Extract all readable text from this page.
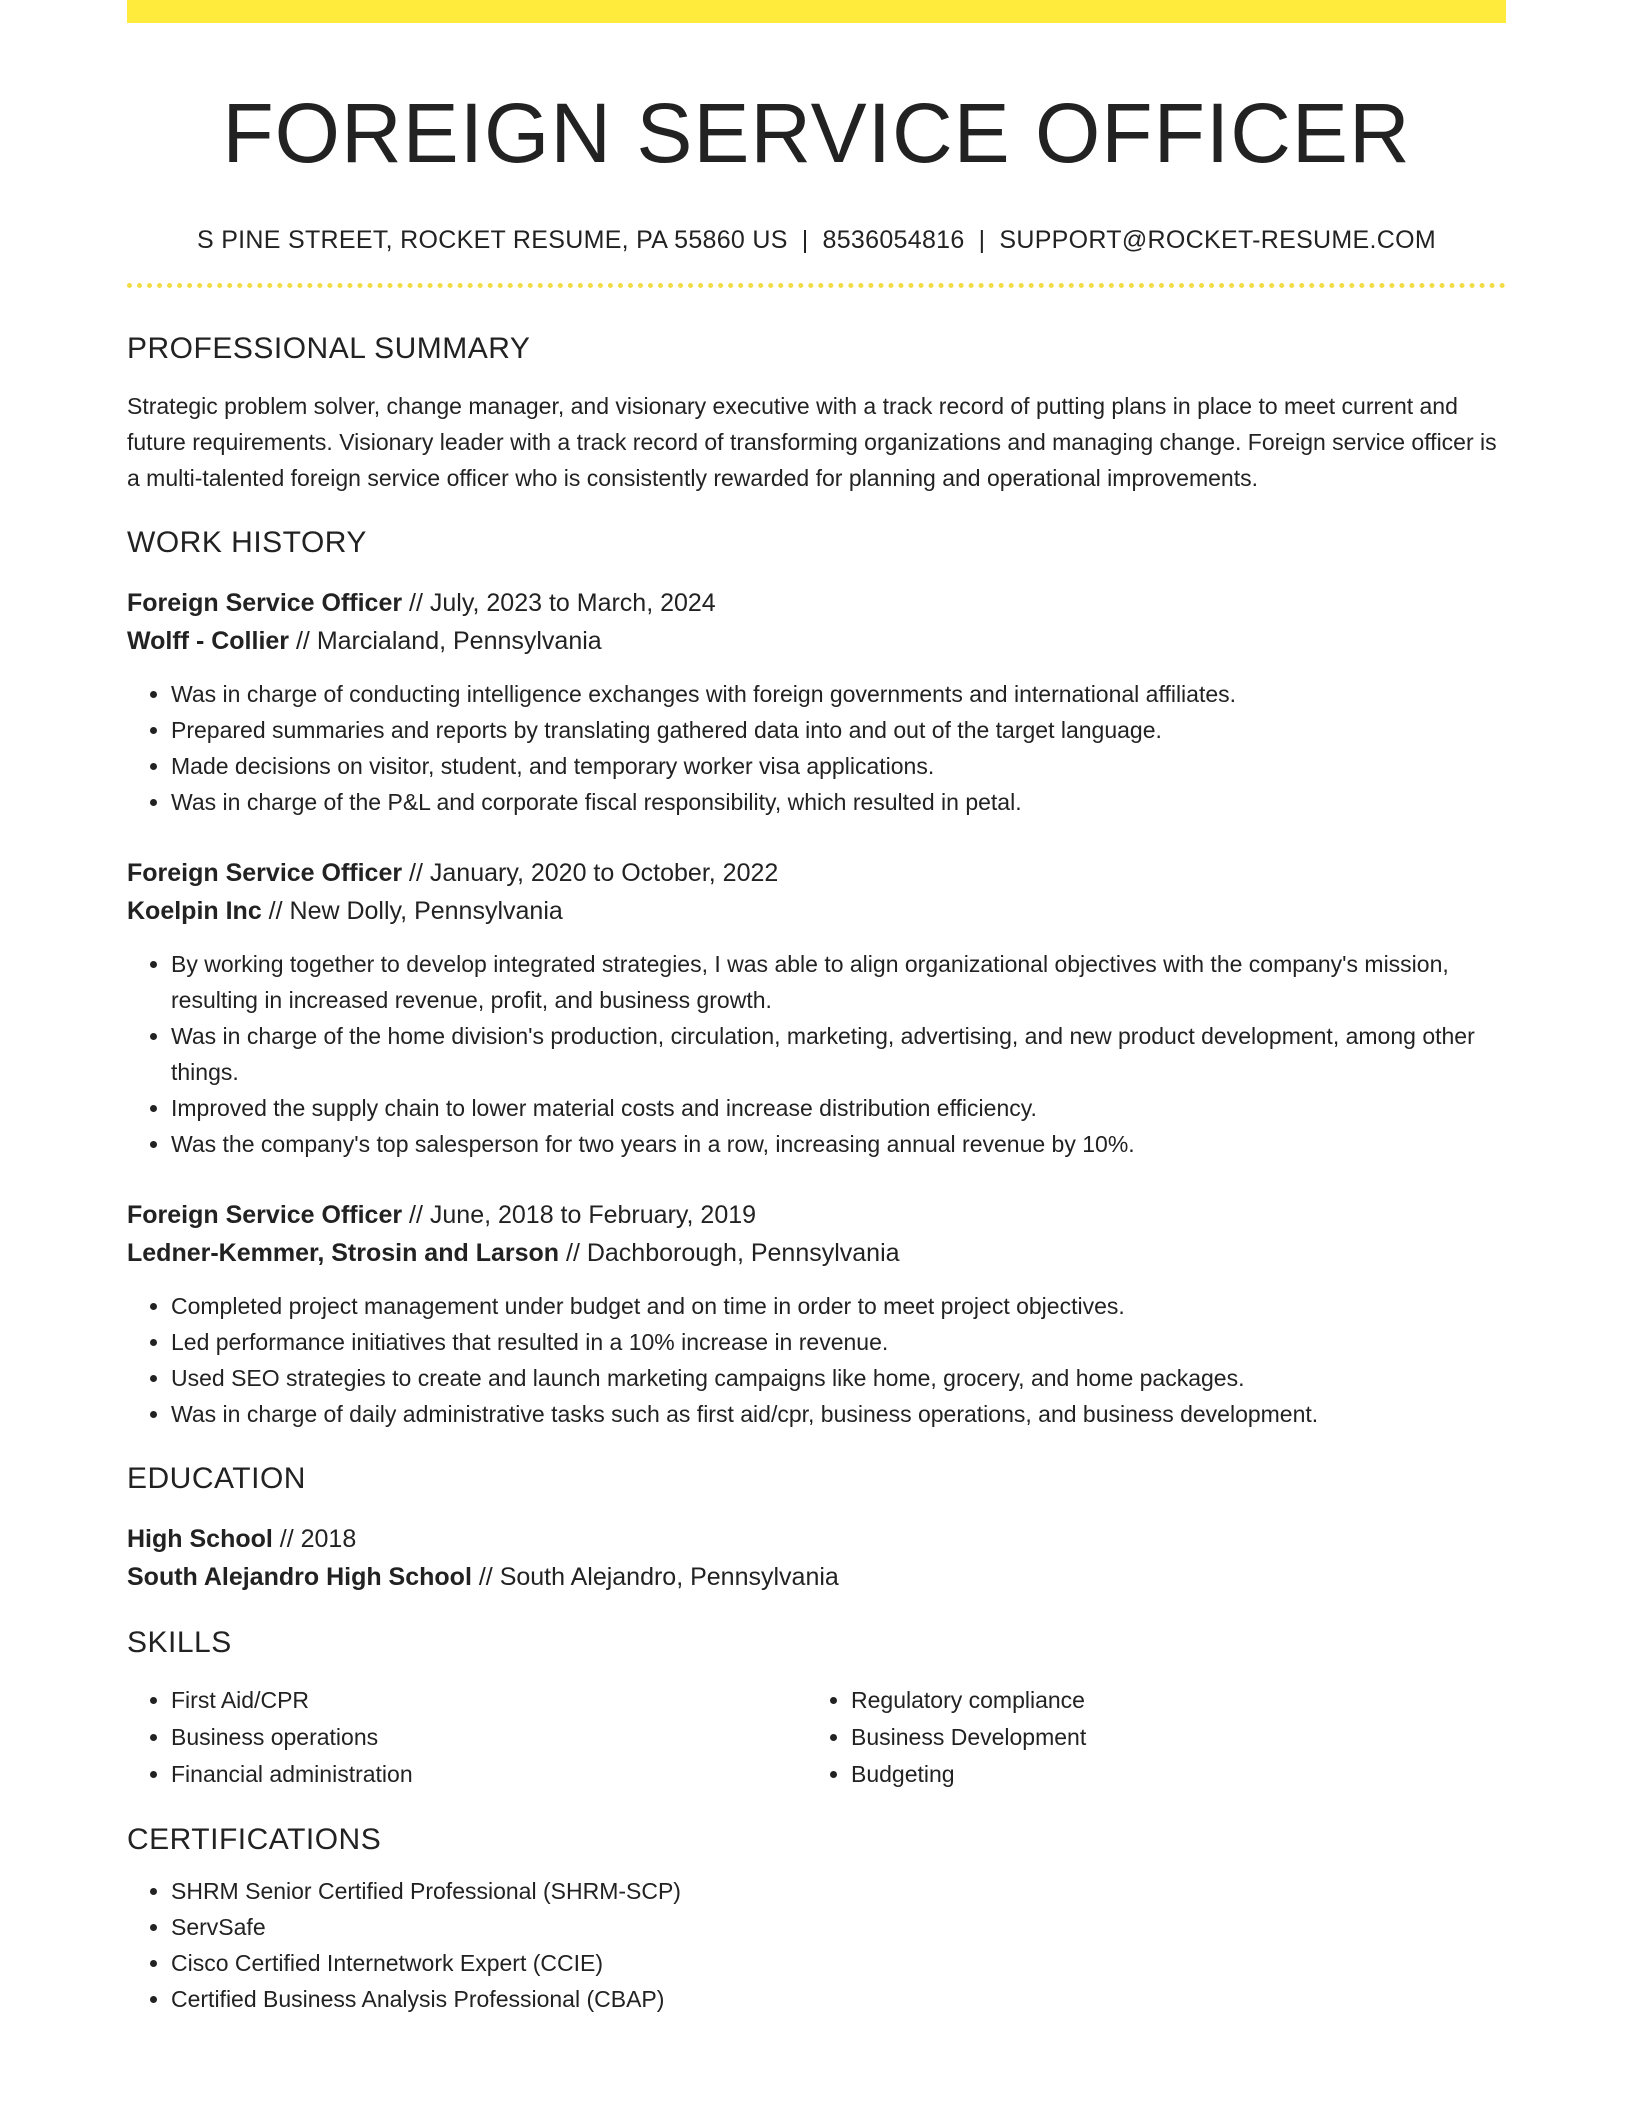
FOREIGN SERVICE OFFICER
S PINE STREET, ROCKET RESUME, PA 55860 US | 8536054816 | SUPPORT@ROCKET-RESUME.COM
PROFESSIONAL SUMMARY

Strategic problem solver, change manager, and visionary executive with a track record of putting plans in place to meet current and future requirements. Visionary leader with a track record of transforming organizations and managing change. Foreign service officer is a multi-talented foreign service officer who is consistently rewarded for planning and operational improvements.

WORK HISTORY
Foreign Service Officer // July, 2023 to March, 2024
Wolff - Collier // Marcialand, Pennsylvania
• Was in charge of conducting intelligence exchanges with foreign governments and international affiliates.
• Prepared summaries and reports by translating gathered data into and out of the target language.
• Made decisions on visitor, student, and temporary worker visa applications.
• Was in charge of the P&L and corporate fiscal responsibility, which resulted in petal.
Foreign Service Officer // January, 2020 to October, 2022
Koelpin Inc // New Dolly, Pennsylvania
• By working together to develop integrated strategies, I was able to align organizational objectives with the company's mission, resulting in increased revenue, profit, and business growth.
• Was in charge of the home division's production, circulation, marketing, advertising, and new product development, among other things.
• Improved the supply chain to lower material costs and increase distribution efficiency.
• Was the company's top salesperson for two years in a row, increasing annual revenue by 10%.
Foreign Service Officer // June, 2018 to February, 2019
Ledner-Kemmer, Strosin and Larson // Dachborough, Pennsylvania
• Completed project management under budget and on time in order to meet project objectives.
• Led performance initiatives that resulted in a 10% increase in revenue.
• Used SEO strategies to create and launch marketing campaigns like home, grocery, and home packages.
• Was in charge of daily administrative tasks such as first aid/cpr, business operations, and business development.
EDUCATION
High School // 2018
South Alejandro High School // South Alejandro, Pennsylvania
SKILLS
• First Aid/CPR
• Business operations
• Financial administration
• Regulatory compliance
• Business Development
• Budgeting
CERTIFICATIONS
• SHRM Senior Certified Professional (SHRM-SCP)
• ServSafe
• Cisco Certified Internetwork Expert (CCIE)
• Certified Business Analysis Professional (CBAP)
